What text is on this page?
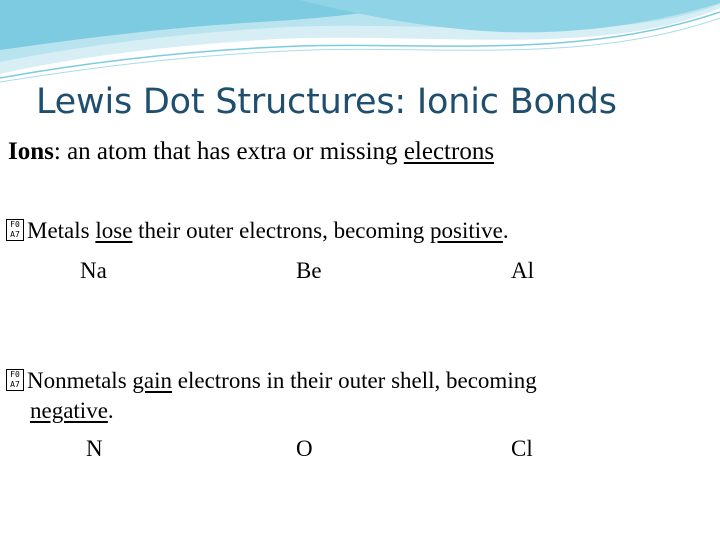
Lewis Dot Structures: Ionic Bonds
Ions: an atom that has extra or missing electrons
F0
A7 Metals lose their outer electrons, becoming positive.
Na	Be	Al
F0
A7 Nonmetals gain electrons in their outer shell, becoming
negative.
N	O	Cl
